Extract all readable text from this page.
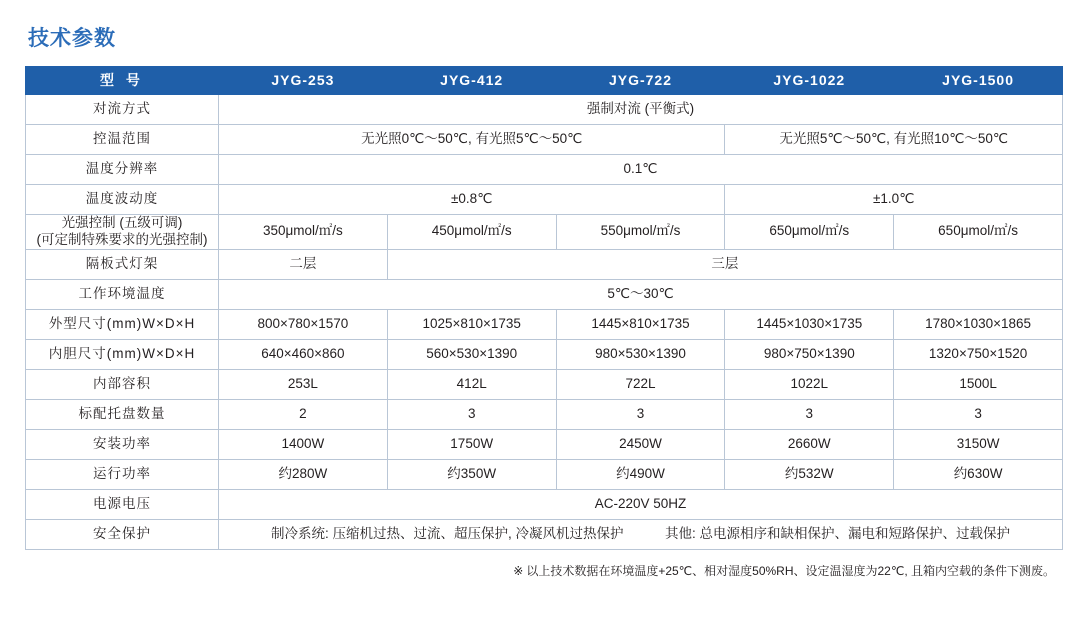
技术参数
型 号	JYG-253	JYG-412	JYG-722	JYG-1022	JYG-1500
对流方式	强制对流 (平衡式)				
控温范围	无光照0℃～50℃, 有光照5℃～50℃			无光照5℃～50℃, 有光照10℃～50℃	
温度分辨率	0.1℃				
温度波动度	±0.8℃			±1.0℃	

光强控制 (五级可调)
(可定制特殊要求的光强控制)	350μmol/㎡/s	450μmol/㎡/s	550μmol/㎡/s	650μmol/㎡/s	650μmol/㎡/s
隔板式灯架	二层	三层			
工作环境温度	5℃～30℃				
外型尺寸(mm)W×D×H	800×780×1570	1025×810×1735	1445×810×1735	1445×1030×1735	1780×1030×1865
内胆尺寸(mm)W×D×H	640×460×860	560×530×1390	980×530×1390	980×750×1390	1320×750×1520
内部容积	253L	412L	722L	1022L	1500L
标配托盘数量	2	3	3	3	3
安装功率	1400W	1750W	2450W	2660W	3150W
运行功率	约280W	约350W	约490W	约532W	约630W
电源电压	AC-220V 50HZ				
安全保护	制冷系统: 压缩机过热、过流、超压保护, 冷凝风机过热保护 其他: 总电源相序和缺相保护、漏电和短路保护、过载保护				
※ 以上技术数据在环境温度+25℃、相对湿度50%RH、设定温湿度为22℃, 且箱内空载的条件下测废。
